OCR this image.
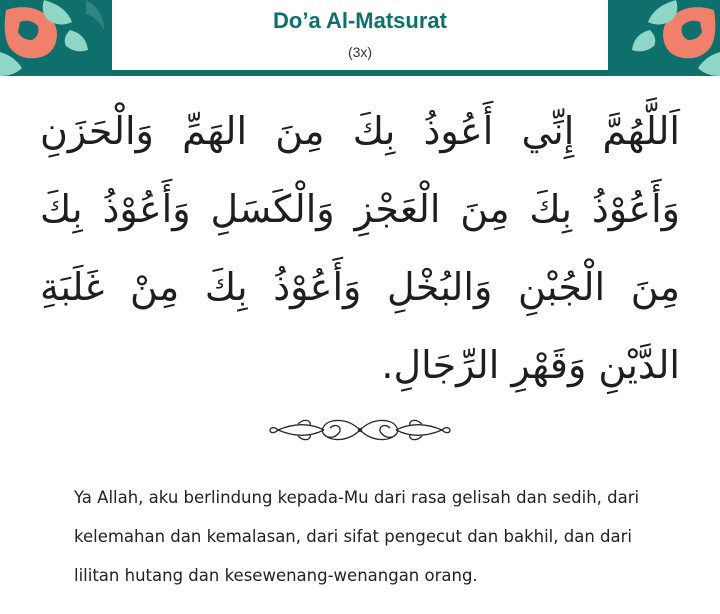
Do’a Al-Matsurat
(3x)
اَللَّهُمَّ إِنِّي أَعُوذُ بِكَ مِنَ الهَمِّ وَالْحَزَنِ وَأَعُوْذُ بِكَ مِنَ الْعَجْزِ وَالْكَسَلِ وَأَعُوْذُ بِكَ مِنَ الْجُبْنِ وَالبُخْلِ وَأَعُوْذُ بِكَ مِنْ غَلَبَةِ الدَّيْنِ وَقَهْرِ الرِّجَالِ.
Ya Allah, aku berlindung kepada-Mu dari rasa gelisah dan sedih, dari kelemahan dan kemalasan, dari sifat pengecut dan bakhil, dan dari lilitan hutang dan kesewenang-wenangan orang.
